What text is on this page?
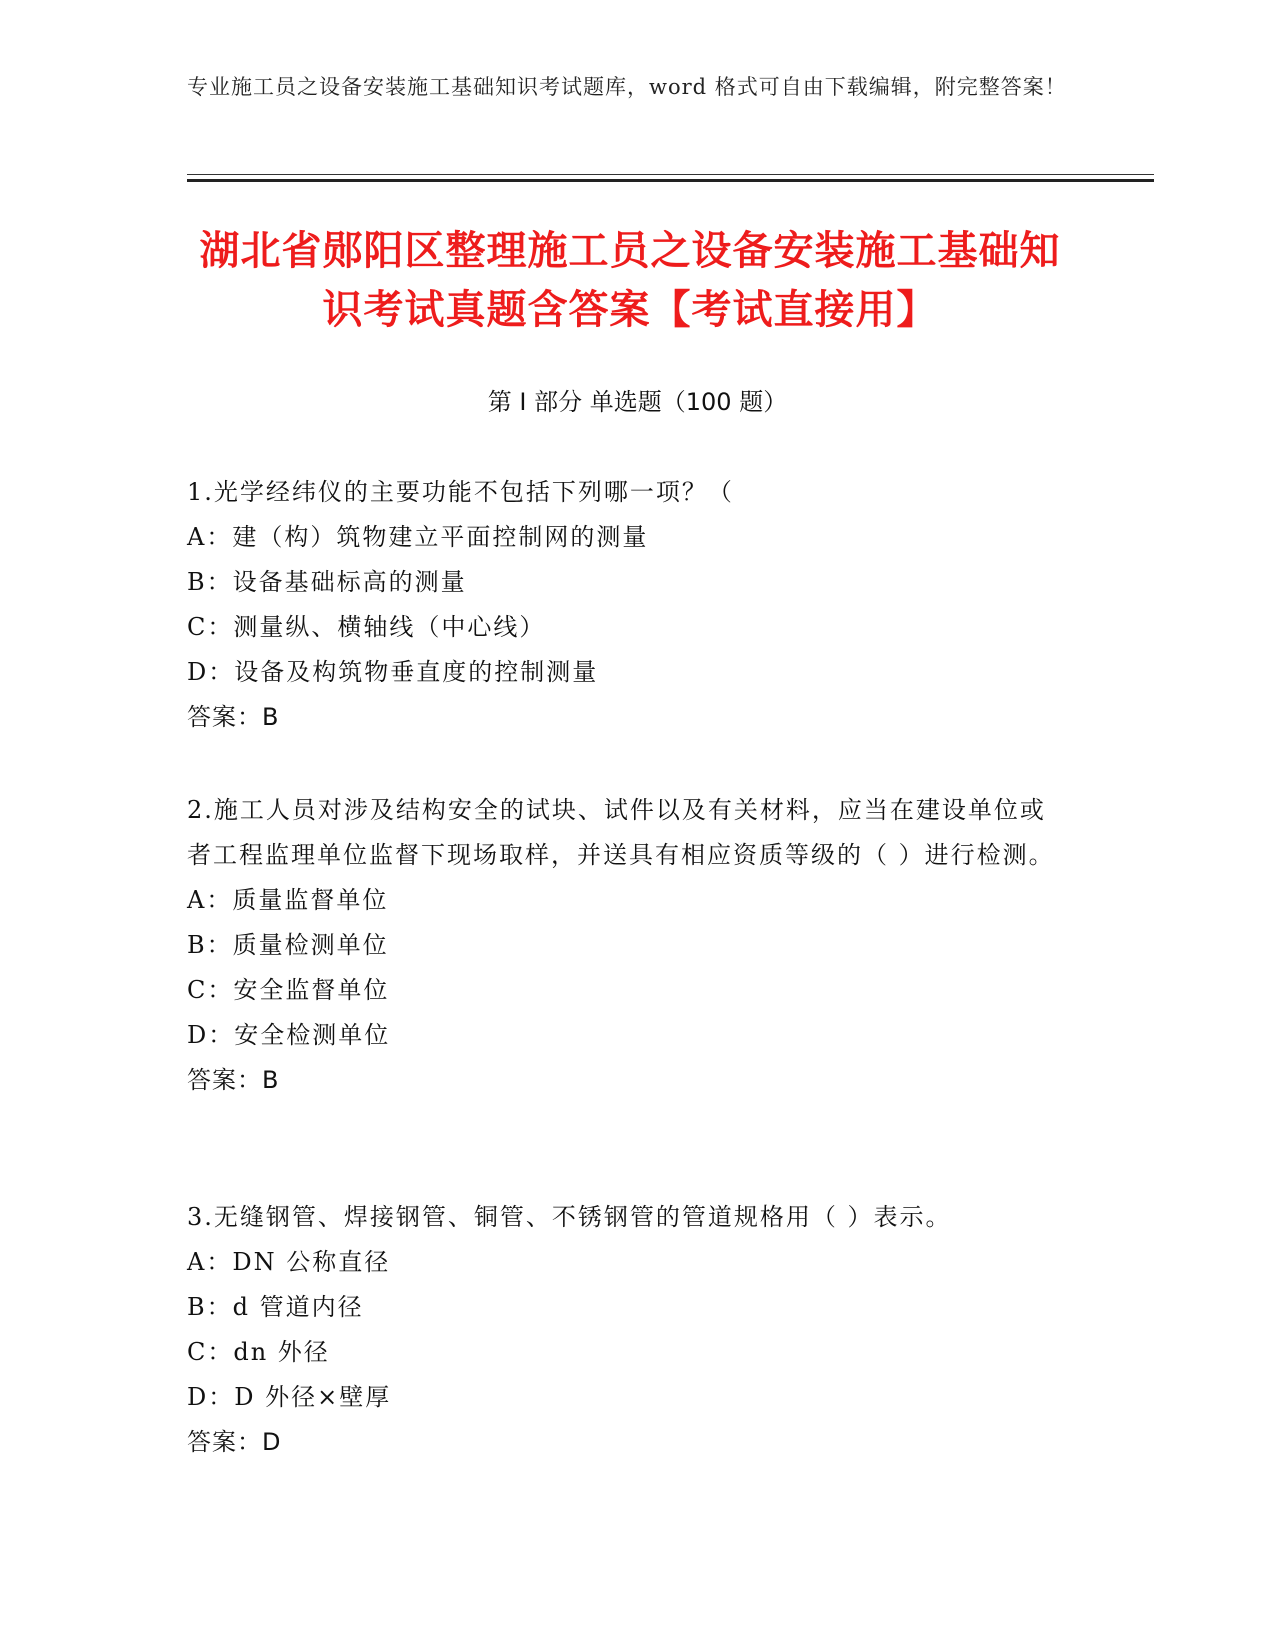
专业施工员之设备安装施工基础知识考试题库，word 格式可自由下载编辑，附完整答案！
湖北省郧阳区整理施工员之设备安装施工基础知识考试真题含答案【考试直接用】
第 I 部分 单选题（100 题）
1.光学经纬仪的主要功能不包括下列哪一项？（
A：建（构）筑物建立平面控制网的测量
B：设备基础标高的测量
C：测量纵、横轴线（中心线）
D：设备及构筑物垂直度的控制测量
答案：B
2.施工人员对涉及结构安全的试块、试件以及有关材料，应当在建设单位或者工程监理单位监督下现场取样，并送具有相应资质等级的（ ）进行检测。
A：质量监督单位
B：质量检测单位
C：安全监督单位
D：安全检测单位
答案：B
3.无缝钢管、焊接钢管、铜管、不锈钢管的管道规格用（ ）表示。
A：DN 公称直径
B：d 管道内径
C：dn 外径
D：D 外径×壁厚
答案：D
